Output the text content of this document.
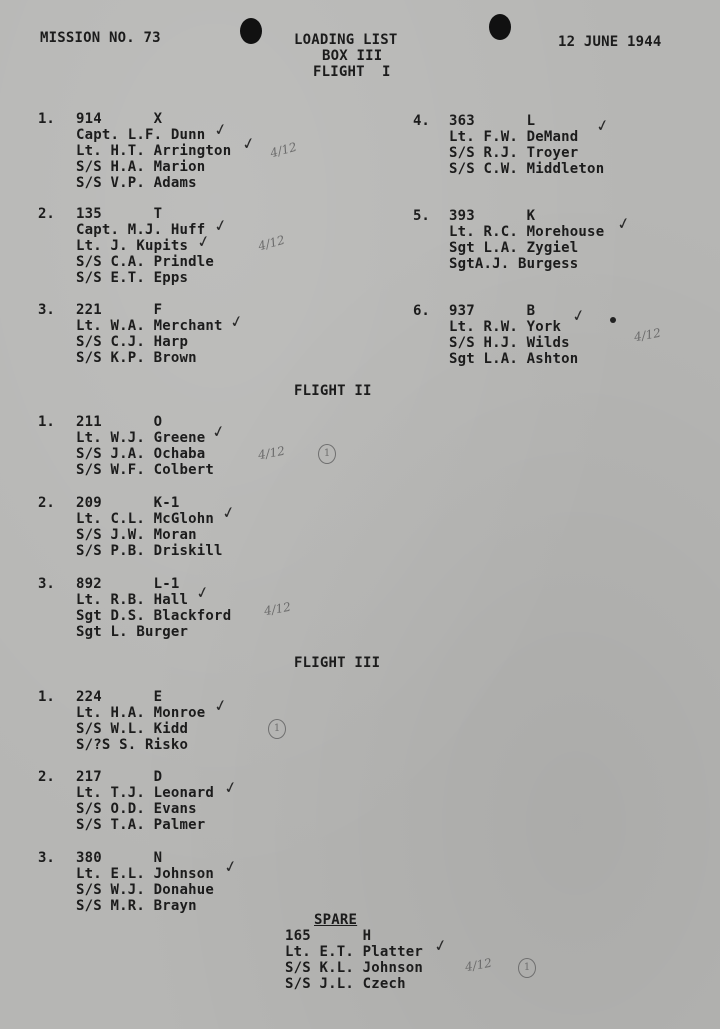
MISSION NO. 73	LOADING LIST
BOX III
FLIGHT  I
12 JUNE 1944
1. 914      X
Capt. L.F. Dunn
Lt. H.T. Arrington
S/S H.A. Marion
S/S V.P. Adams
2. 135      T
Capt. M.J. Huff
Lt. J. Kupits
S/S C.A. Prindle
S/S E.T. Epps
3. 221      F
Lt. W.A. Merchant
S/S C.J. Harp
S/S K.P. Brown
4. 363      L
Lt. F.W. DeMand
S/S R.J. Troyer
S/S C.W. Middleton
5. 393      K
Lt. R.C. Morehouse
Sgt L.A. Zygiel
SgtA.J. Burgess
6. 937      B
Lt. R.W. York
S/S H.J. Wilds
Sgt L.A. Ashton
FLIGHT II
1. 211      O
Lt. W.J. Greene
S/S J.A. Ochaba
S/S W.F. Colbert
2. 209      K-1
Lt. C.L. McGlohn
S/S J.W. Moran
S/S P.B. Driskill
3. 892      L-1
Lt. R.B. Hall
Sgt D.S. Blackford
Sgt L. Burger
FLIGHT III
1. 224      E
Lt. H.A. Monroe
S/S W.L. Kidd
S/?S S. Risko
2. 217      D
Lt. T.J. Leonard
S/S O.D. Evans
S/S T.A. Palmer
3. 380      N
Lt. E.L. Johnson
S/S W.J. Donahue
S/S M.R. Brayn
SPARE
165      H
Lt. E.T. Platter
S/S K.L. Johnson
S/S J.L. Czech
✓
✓
✓
✓
✓
✓
✓
✓
✓
✓
✓
✓
✓
✓
✓
4/12
4/12
4/12
4/12
4/12
4/12
1
1
1
